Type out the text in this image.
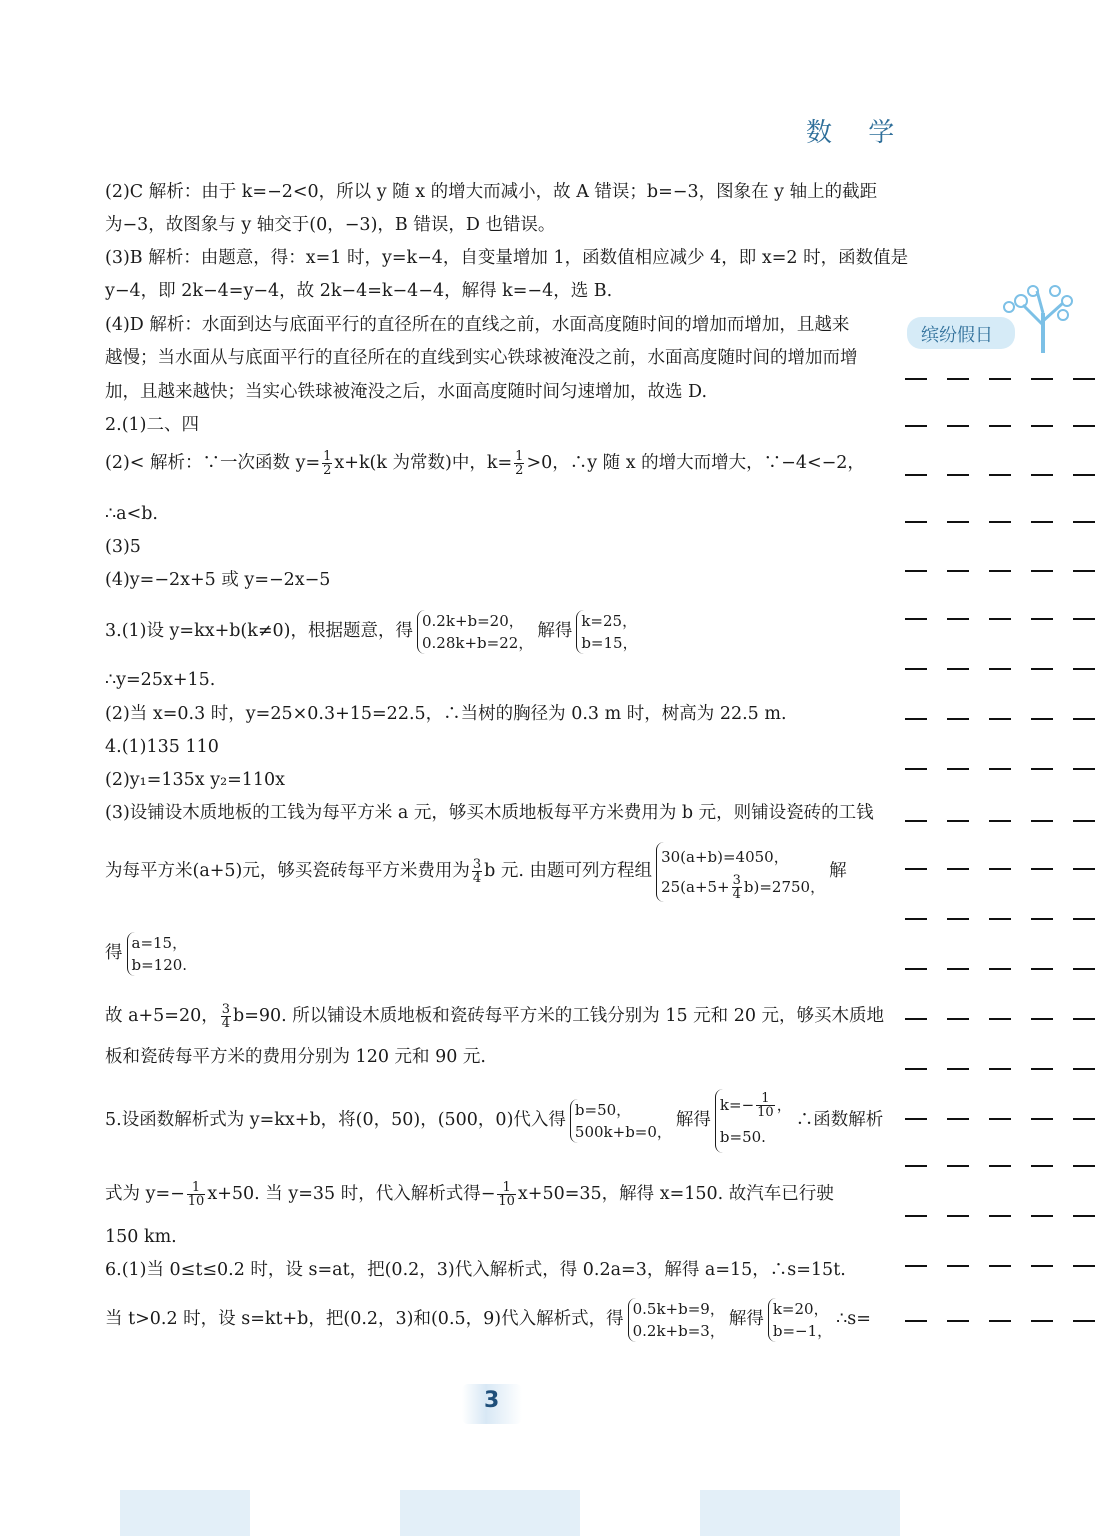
数 学
(2)C 解析：由于 k=−2<0，所以 y 随 x 的增大而减小，故 A 错误；b=−3，图象在 y 轴上的截距
为−3，故图象与 y 轴交于(0，−3)，B 错误，D 也错误。
(3)B 解析：由题意，得：x=1 时，y=k−4，自变量增加 1，函数值相应减少 4，即 x=2 时，函数值是
y−4，即 2k−4=y−4，故 2k−4=k−4−4，解得 k=−4，选 B.
(4)D 解析：水面到达与底面平行的直径所在的直线之前，水面高度随时间的增加而增加，且越来
越慢；当水面从与底面平行的直径所在的直线到实心铁球被淹没之前，水面高度随时间的增加而增
加，且越来越快；当实心铁球被淹没之后，水面高度随时间匀速增加，故选 D.
2.(1)二、四
(2)< 解析：∵一次函数 $y= \frac{1}{2} x+k(k$ 为常数)中，$k= \frac{1}{2} >0$，∴y 随 x 的增大而增大，∵−4<−2，
∴a<b.
(3)5
(4)y=−2x+5 或 y=−2x−5
3.(1)设 y=kx+b(k≠0)，根据题意，得
0.2k+b=20，
0.28k+b=22，
解得
k=25，
b=15，
∴y=25x+15.
(2)当 x=0.3 时，y=25×0.3+15=22.5，∴当树的胸径为 0.3 m 时，树高为 22.5 m.
4.(1)135 110
(2)y₁=135x y₂=110x
(3)设铺设木质地板的工钱为每平方米 a 元，够买木质地板每平方米费用为 b 元，则铺设瓷砖的工钱
为每平方米(a+5)元，够买瓷砖每平方米费用为 $\frac{3}{4}$ b 元. 由题可列方程组
30(a+b)=4050，
$25(a+5+ \frac{3}{4} b)=2750$，
解
得
a=15，
b=120.
故 a+5=20， $\frac{3}{4} b=90$. 所以铺设木质地板和瓷砖每平方米的工钱分别为 15 元和 20 元，够买木质地
板和瓷砖每平方米的费用分别为 120 元和 90 元.
5.设函数解析式为 y=kx+b，将(0，50)，(500，0)代入得
b=50，
500k+b=0，
解得
$k=- \frac{1}{10}$ ，
b=50.
∴函数解析
式为 $y=- \frac{1}{10} x+50$. 当 y=35 时，代入解析式得− $\frac{1}{10} x+50=35$，解得 x=150. 故汽车已行驶
150 km.
6.(1)当 0≤t≤0.2 时，设 s=at，把(0.2，3)代入解析式，得 0.2a=3，解得 a=15，∴s=15t.
当 t>0.2 时，设 s=kt+b，把(0.2，3)和(0.5，9)代入解析式，得
0.5k+b=9，
0.2k+b=3，
解得
k=20，
b=−1，
∴s=
缤纷假日
3
